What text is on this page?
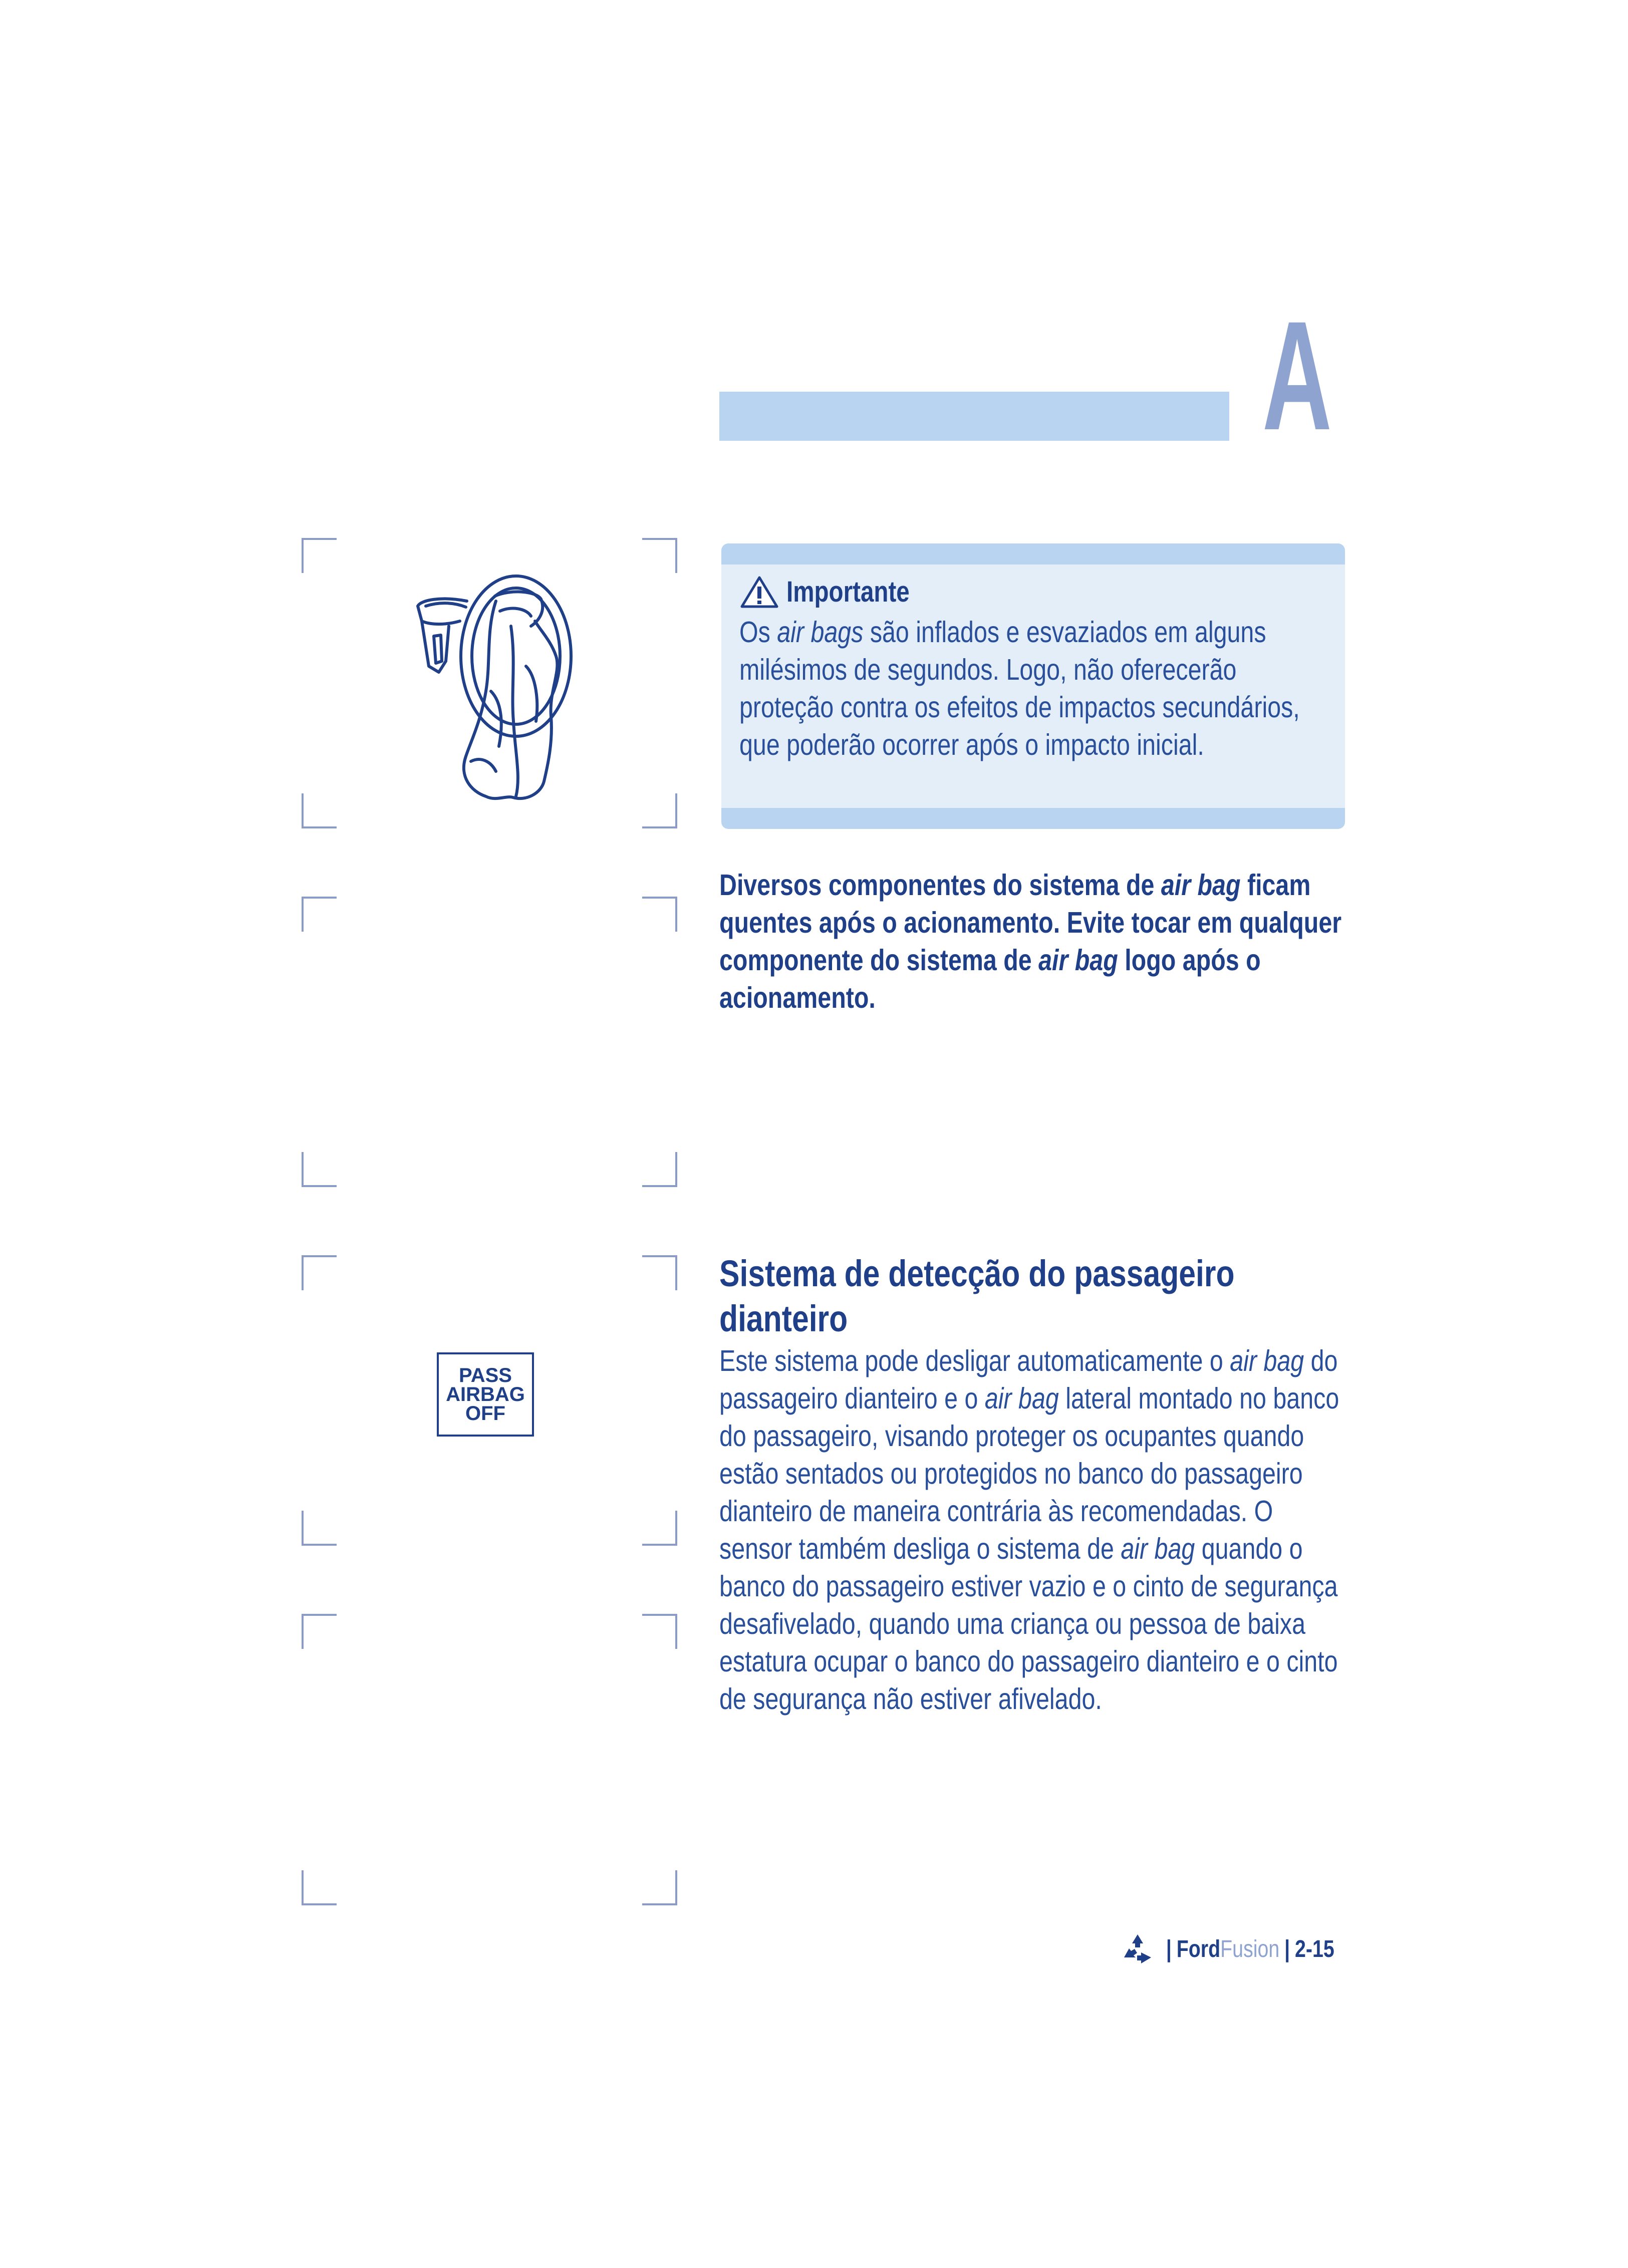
A
Importante

Os air bags são inflados e esvaziados em alguns milésimos de segundos. Logo, não oferecerão proteção contra os efeitos de impactos secundários, que poderão ocorrer após o impacto inicial.

Diversos componentes do sistema de air bag ficam quentes após o acionamento. Evite tocar em qualquer componente do sistema de air bag logo após o acionamento.

PASS
AIRBAG
OFF
Sistema de detecção do passageiro dianteiro

Este sistema pode desligar automaticamente o air bag do passageiro dianteiro e o air bag lateral montado no banco do passageiro, visando proteger os ocupantes quando estão sentados ou protegidos no banco do passageiro dianteiro de maneira contrária às recomendadas. O sensor também desliga o sistema de air bag quando o banco do passageiro estiver vazio e o cinto de segurança desafivelado, quando uma criança ou pessoa de baixa estatura ocupar o banco do passageiro dianteiro e o cinto de segurança não estiver afivelado.

| Ford Fusion | 2-15
